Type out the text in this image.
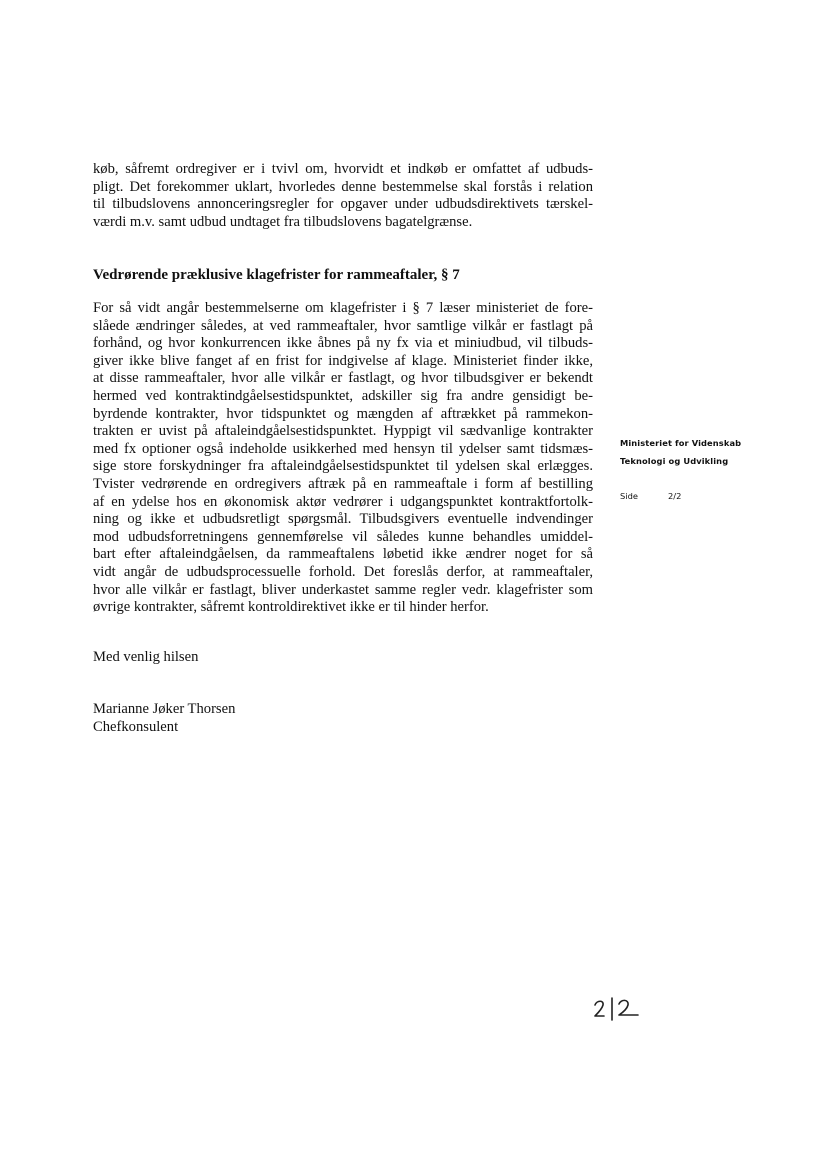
køb, såfremt ordregiver er i tvivl om, hvorvidt et indkøb er omfattet af udbuds-
pligt. Det forekommer uklart, hvorledes denne bestemmelse skal forstås i relation
til tilbudslovens annonceringsregler for opgaver under udbudsdirektivets tærskel-
værdi m.v. samt udbud undtaget fra tilbudslovens bagatelgrænse.
Vedrørende præklusive klagefrister for rammeaftaler, § 7
For så vidt angår bestemmelserne om klagefrister i § 7 læser ministeriet de fore-
slåede ændringer således, at ved rammeaftaler, hvor samtlige vilkår er fastlagt på
forhånd, og hvor konkurrencen ikke åbnes på ny fx via et miniudbud, vil tilbuds-
giver ikke blive fanget af en frist for indgivelse af klage. Ministeriet finder ikke,
at disse rammeaftaler, hvor alle vilkår er fastlagt, og hvor tilbudsgiver er bekendt
hermed ved kontraktindgåelsestidspunktet, adskiller sig fra andre gensidigt be-
byrdende kontrakter, hvor tidspunktet og mængden af aftrækket på rammekon-
trakten er uvist på aftaleindgåelsestidspunktet. Hyppigt vil sædvanlige kontrakter
med fx optioner også indeholde usikkerhed med hensyn til ydelser samt tidsmæs-
sige store forskydninger fra aftaleindgåelsestidspunktet til ydelsen skal erlægges.
Tvister vedrørende en ordregivers aftræk på en rammeaftale i form af bestilling
af en ydelse hos en økonomisk aktør vedrører i udgangspunktet kontraktfortolk-
ning og ikke et udbudsretligt spørgsmål. Tilbudsgivers eventuelle indvendinger
mod udbudsforretningens gennemførelse vil således kunne behandles umiddel-
bart efter aftaleindgåelsen, da rammeaftalens løbetid ikke ændrer noget for så
vidt angår de udbudsprocessuelle forhold. Det foreslås derfor, at rammeaftaler,
hvor alle vilkår er fastlagt, bliver underkastet samme regler vedr. klagefrister som
øvrige kontrakter, såfremt kontroldirektivet ikke er til hinder herfor.
Med venlig hilsen
Marianne Jøker Thorsen
Chefkonsulent
Ministeriet for Videnskab
Teknologi og Udvikling
Side	2/2
